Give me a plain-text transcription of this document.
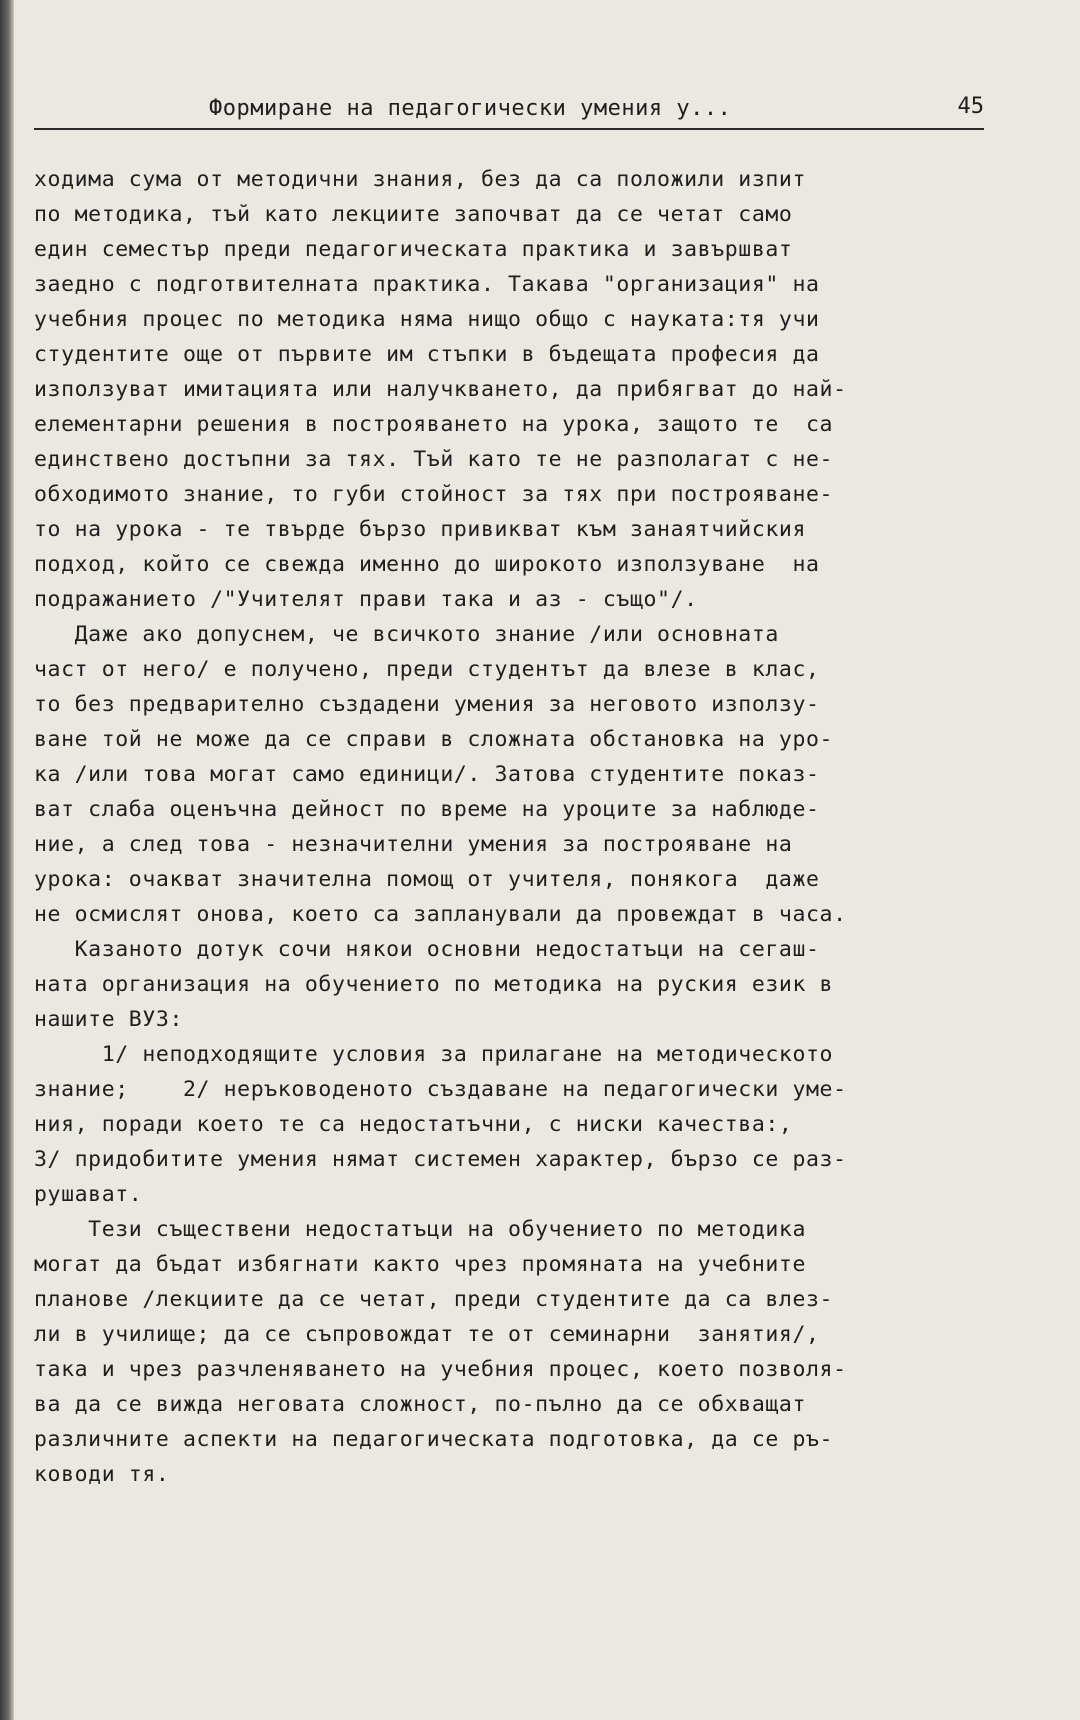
Формиране на педагогически умения у...	45
ходима сума от методични знания, без да са положили изпит
по методика, тъй като лекциите започват да се четат само
един семестър преди педагогическата практика и завършват
заедно с подготвителната практика. Такава "организация" на
учебния процес по методика няма нищо общо с науката:тя учи
студентите още от първите им стъпки в бъдещата професия да
използуват имитацията или налучкването, да прибягват до най-
елементарни решения в построяването на урока, защото те  са
единствено достъпни за тях. Тъй като те не разполагат с не-
обходимото знание, то губи стойност за тях при построяване-
то на урока - те твърде бързо привикват към занаятчийския
подход, който се свежда именно до широкото използуване  на
подражанието /"Учителят прави така и аз - също"/.
Даже ако допуснем, че всичкото знание /или основната
част от него/ е получено, преди студентът да влезе в клас,
то без предварително създадени умения за неговото използу-
ване той не може да се справи в сложната обстановка на уро-
ка /или това могат само единици/. Затова студентите показ-
ват слаба оценъчна дейност по време на уроците за наблюде-
ние, а след това - незначителни умения за построяване на
урока: очакват значителна помощ от учителя, понякога  даже
не осмислят онова, което са запланували да провеждат в часа.
Казаното дотук сочи някои основни недостатъци на сегаш-
ната организация на обучението по методика на руския език в
нашите ВУЗ:
1/ неподходящите условия за прилагане на методическото
знание;    2/ неръководеното създаване на педагогически уме-
ния, поради което те са недостатъчни, с ниски качества:,
3/ придобитите умения нямат системен характер, бързо се раз-
рушават.
Тези съществени недостатъци на обучението по методика
могат да бъдат избягнати както чрез промяната на учебните
планове /лекциите да се четат, преди студентите да са влез-
ли в училище; да се съпровождат те от семинарни  занятия/,
така и чрез разчленяването на учебния процес, което позволя-
ва да се вижда неговата сложност, по-пълно да се обхващат
различните аспекти на педагогическата подготовка, да се ръ-
ководи тя.
